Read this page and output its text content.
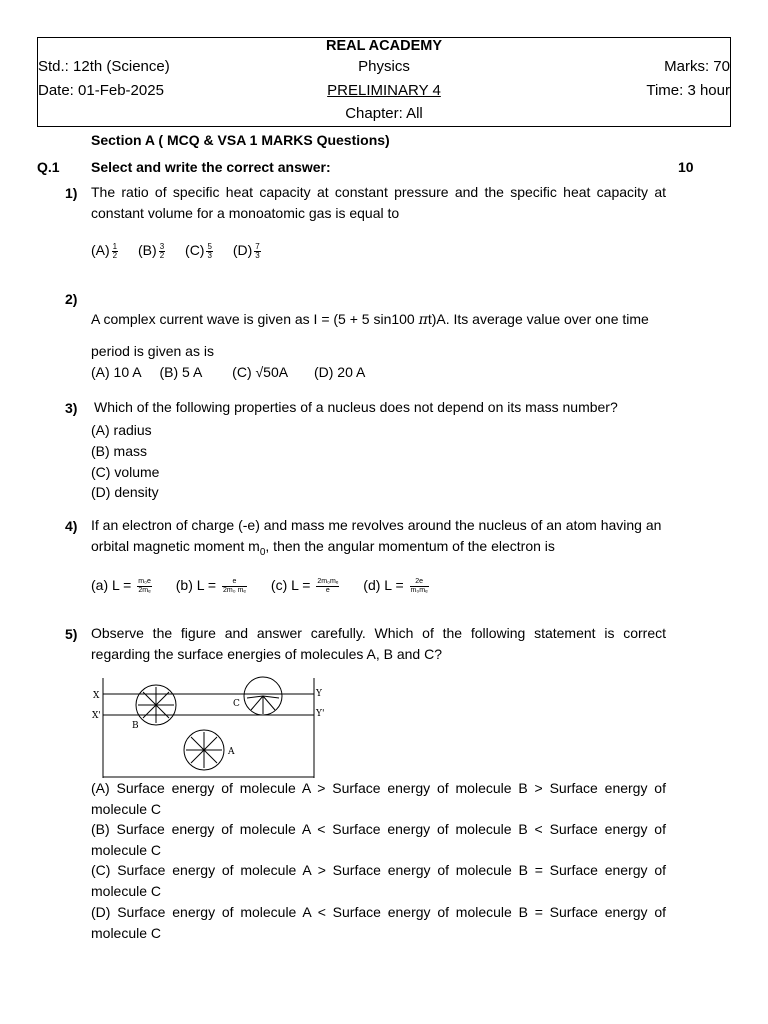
REAL ACADEMY
Std.: 12th (Science)	Physics	Marks: 70
Date: 01-Feb-2025	PRELIMINARY 4	Time: 3 hour
Chapter: All
Section A ( MCQ & VSA 1 MARKS Questions)
Q.1 Select and write the correct answer:	10
1) The ratio of specific heat capacity at constant pressure and the specific heat capacity at constant volume for a monoatomic gas is equal to
$(A) \frac{1}{2} (B) \frac{3}{2} (C) \frac{5}{3} (D) \frac{7}{3}$
2)
A complex current wave is given as I = (5 + 5 sin100 πt)A. Its average value over one time
period is given as is
(A) 10 A (B) 5 A (C) √50A (D) 20 A
3) Which of the following properties of a nucleus does not depend on its mass number?
(A) radius
(B) mass
(C) volume
(D) density
4) If an electron of charge (-e) and mass me revolves around the nucleus of an atom having an
orbital magnetic moment $m_0$, then the angular momentum of the electron is
(a) $L = \frac{\text{m₀e}}{\text{2mₑ}} (b) L = \frac{e}{\text{2m₀ mₑ}} (c) L = \frac{\text{2m₀mₑ}}{e} (d) L = \frac{2e}{\text{m₀mₑ}}$
5) Observe the figure and answer carefully. Which of the following statement is correct regarding the surface energies of molecules A, B and C?
X
X'
Y
Y'
B
C
A
(A) Surface energy of molecule A > Surface energy of molecule B > Surface energy of molecule C
(B) Surface energy of molecule A < Surface energy of molecule B < Surface energy of molecule C
(C) Surface energy of molecule A > Surface energy of molecule B = Surface energy of molecule C
(D) Surface energy of molecule A < Surface energy of molecule B = Surface energy of molecule C
